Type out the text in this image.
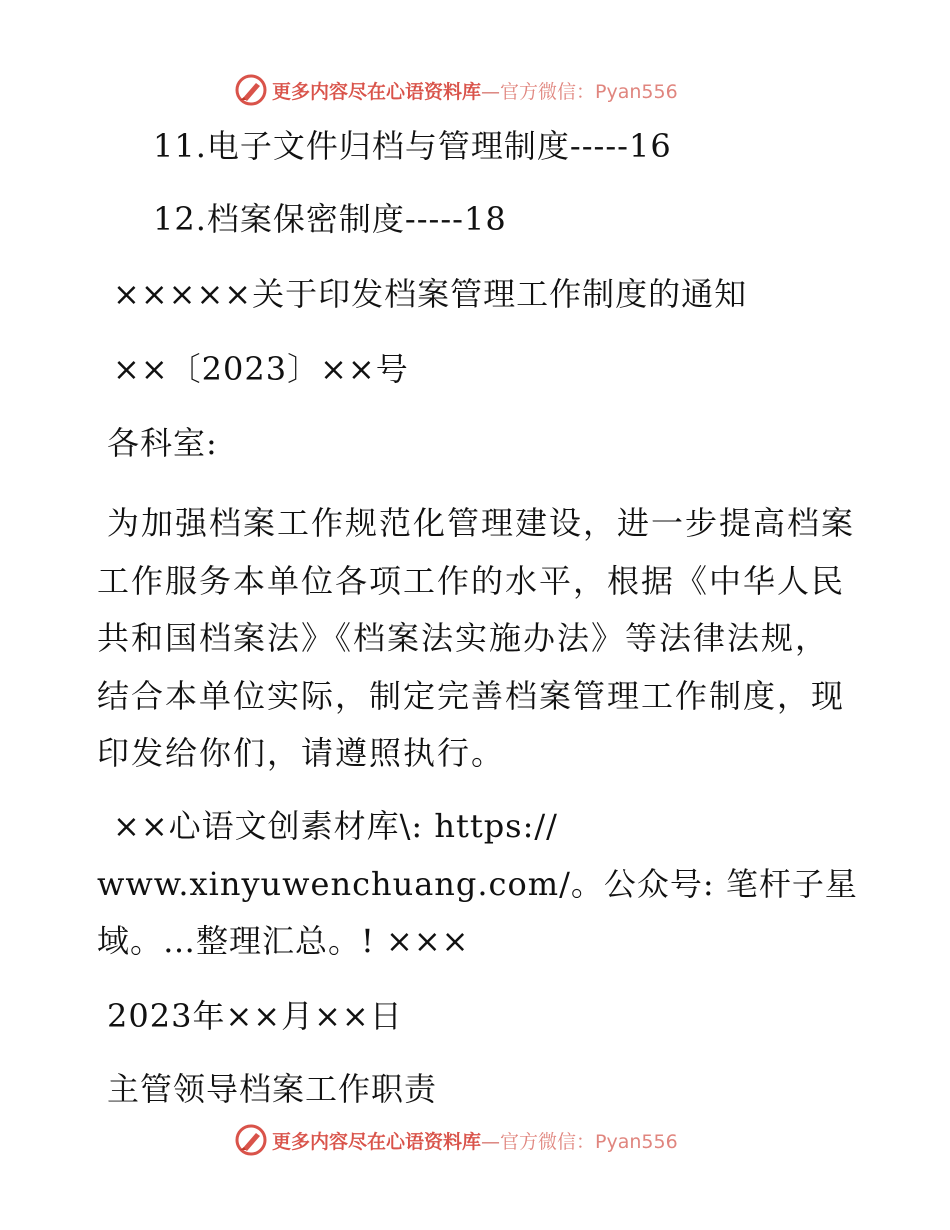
更多内容尽在心语资料库—官方微信：Pyan556
11.电子文件归档与管理制度-----16
12.档案保密制度-----18
×××××关于印发档案管理工作制度的通知
××〔2023〕××号
各科室:
为加强档案工作规范化管理建设，进一步提高档案工作服务本单位各项工作的水平，根据《中华人民共和国档案法》《档案法实施办法》等法律法规，结合本单位实际，制定完善档案管理工作制度，现印发给你们，请遵照执行。
××心语文创素材库\: https://
www.xinyuwenchuang.com/。公众号: 笔杆子星
域。…整理汇总。! ×××
2023年××月××日
主管领导档案工作职责
更多内容尽在心语资料库—官方微信：Pyan556
